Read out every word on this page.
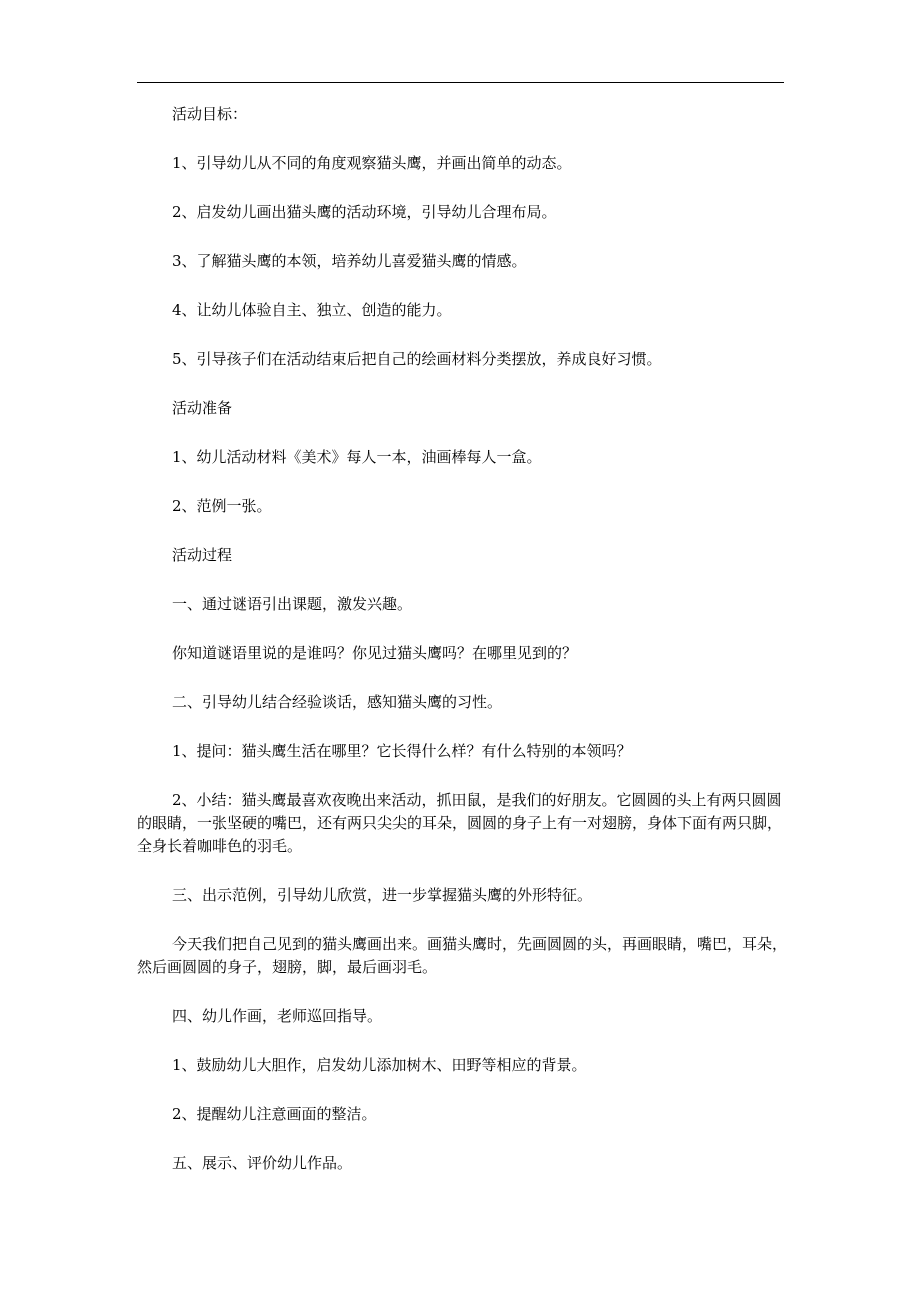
活动目标：

1、引导幼儿从不同的角度观察猫头鹰，并画出简单的动态。

2、启发幼儿画出猫头鹰的活动环境，引导幼儿合理布局。

3、了解猫头鹰的本领，培养幼儿喜爱猫头鹰的情感。

4、让幼儿体验自主、独立、创造的能力。

5、引导孩子们在活动结束后把自己的绘画材料分类摆放，养成良好习惯。

活动准备

1、幼儿活动材料《美术》每人一本，油画棒每人一盒。

2、范例一张。

活动过程

一、通过谜语引出课题，激发兴趣。

你知道谜语里说的是谁吗？你见过猫头鹰吗？在哪里见到的？

二、引导幼儿结合经验谈话，感知猫头鹰的习性。

1、提问：猫头鹰生活在哪里？它长得什么样？有什么特别的本领吗？

2、小结：猫头鹰最喜欢夜晚出来活动，抓田鼠，是我们的好朋友。它圆圆的头上有两只圆圆的眼睛，一张坚硬的嘴巴，还有两只尖尖的耳朵，圆圆的身子上有一对翅膀，身体下面有两只脚，全身长着咖啡色的羽毛。

三、出示范例，引导幼儿欣赏，进一步掌握猫头鹰的外形特征。

今天我们把自己见到的猫头鹰画出来。画猫头鹰时，先画圆圆的头，再画眼睛，嘴巴，耳朵，然后画圆圆的身子，翅膀，脚，最后画羽毛。

四、幼儿作画，老师巡回指导。

1、鼓励幼儿大胆作，启发幼儿添加树木、田野等相应的背景。

2、提醒幼儿注意画面的整洁。

五、展示、评价幼儿作品。
